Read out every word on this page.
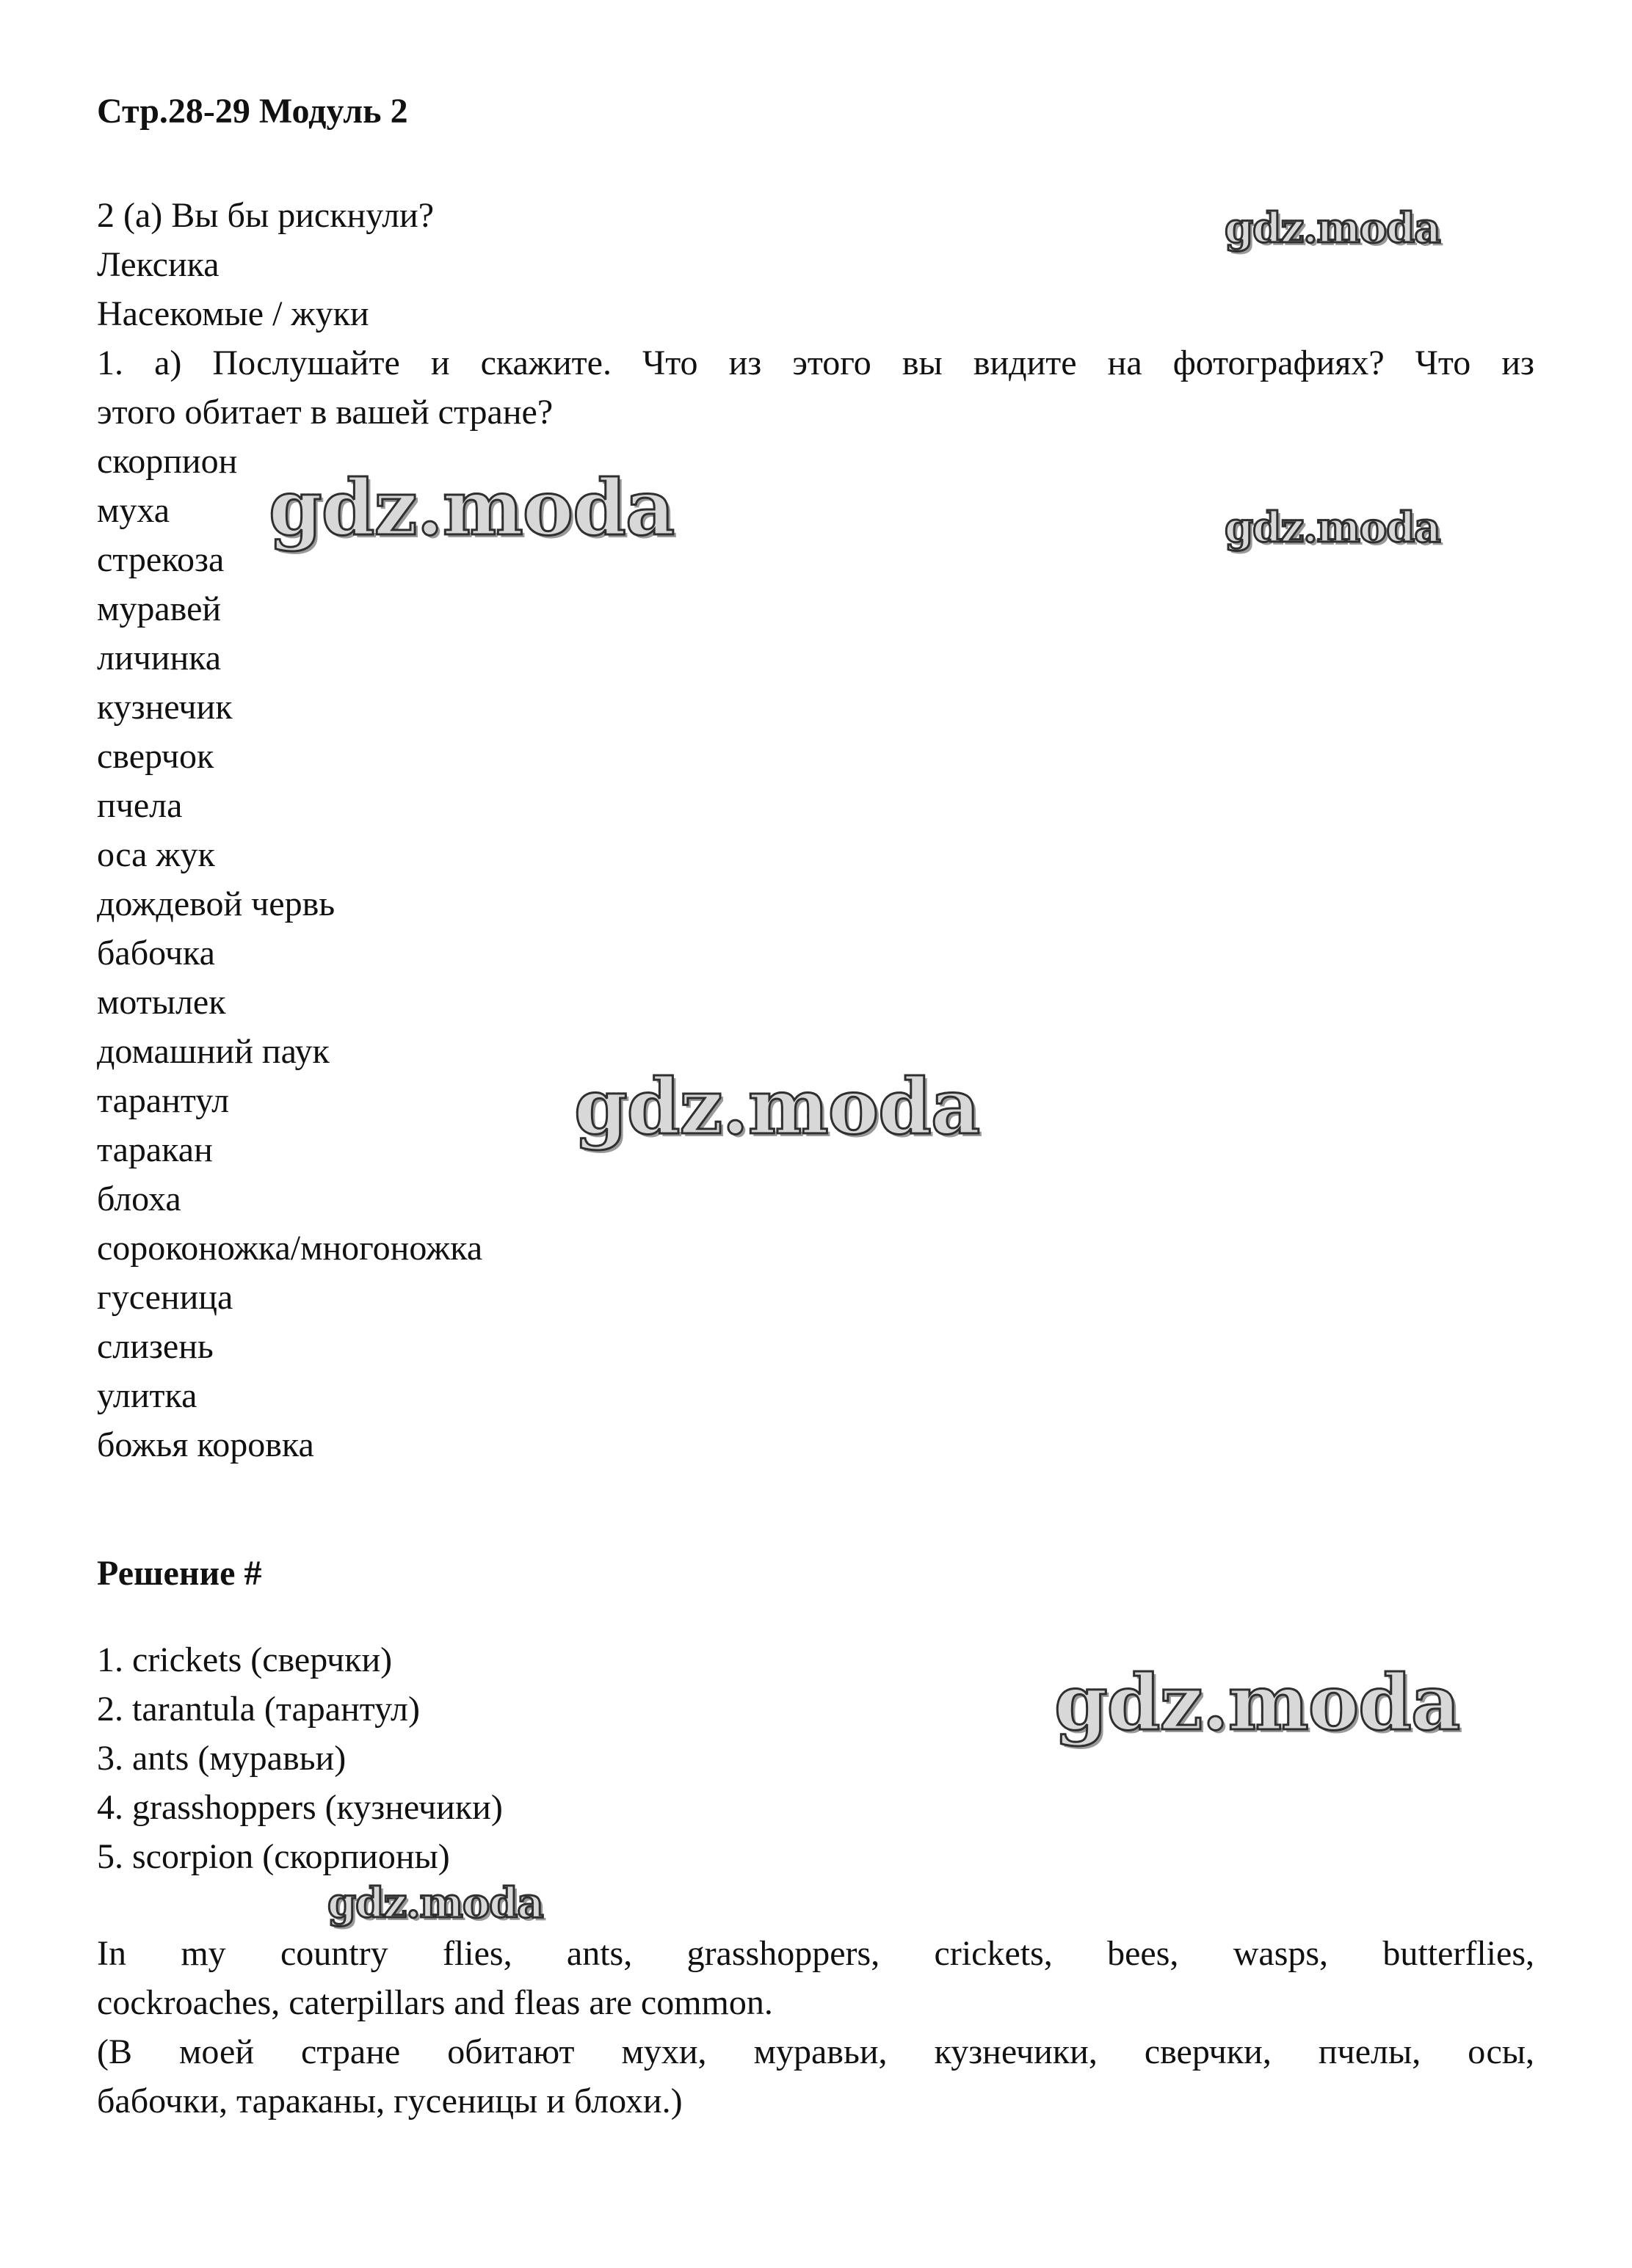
Стр.28-29 Модуль 2
2 (a) Вы бы рискнули?
Лексика
Насекомые / жуки
1. а) Послушайте и скажите. Что из этого вы видите на фотографиях? Что из
этого обитает в вашей стране?
скорпион
муха
стрекоза
муравей
личинка
кузнечик
сверчок
пчела
оса жук
дождевой червь
бабочка
мотылек
домашний паук
тарантул
таракан
блоха
сороконожка/многоножка
гусеница
слизень
улитка
божья коровка
Решение #
1. crickets (сверчки)
2. tarantula (тарантул)
3. ants (муравьи)
4. grasshoppers (кузнечики)
5. scorpion (скорпионы)
In my country flies, ants, grasshoppers, crickets, bees, wasps, butterflies,
cockroaches, caterpillars and fleas are common.
(В моей стране обитают мухи, муравьи, кузнечики, сверчки, пчелы, осы,
бабочки, тараканы, гусеницы и блохи.)
gdz.moda
gdz.moda	gdz.moda
gdz.moda
gdz.moda
gdz.moda
